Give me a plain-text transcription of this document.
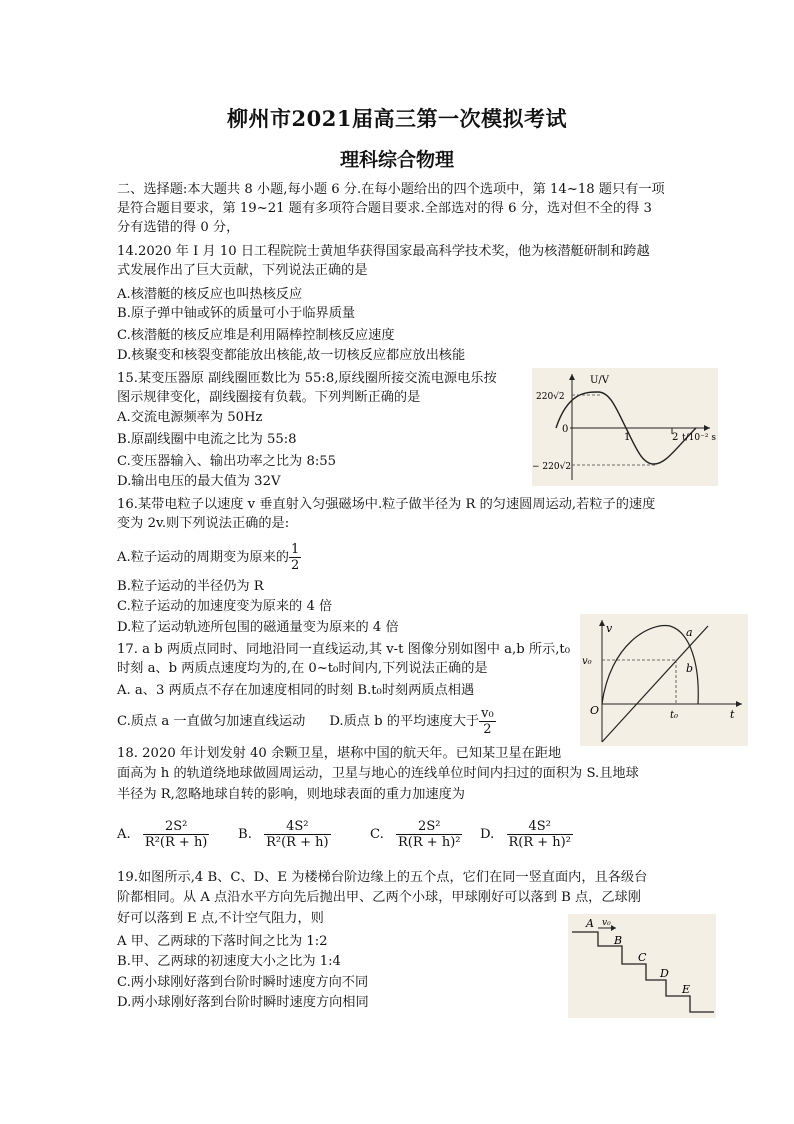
柳州市2021届高三第一次模拟考试
理科综合物理
二、选择题:本大题共 8 小题,每小题 6 分.在每小题给出的四个选项中，第 14~18 题只有一项
是符合题目要求，第 19~21 题有多项符合题目要求.全部选对的得 6 分，选对但不全的得 3
分有选错的得 0 分，
14.2020 年 I 月 10 日工程院院士黄旭华获得国家最高科学技术奖，他为核潜艇研制和跨越
式发展作出了巨大贡献，下列说法正确的是
A.核潜艇的核反应也叫热核反应
B.原子弹中铀或钚的质量可小于临界质量
C.核潜艇的核反应堆是利用隔棒控制核反应速度
D.核聚变和核裂变都能放出核能,故一切核反应都应放出核能
15.某变压器原 副线圈匝数比为 55:8,原线圈所接交流电源电乐按
图示规律变化，副线圈接有负载。下列判断正确的是
A.交流电源频率为 50Hz
B.原副线圈中电流之比为 55:8
C.变压器输入、输出功率之比为 8:55
D.输出电压的最大值为 32V
U/V
220√2
− 220√2
0
1	2 t/10⁻² s
16.某带电粒子以速度 v 垂直射入匀强磁场中.粒子做半径为 R 的匀速圆周运动,若粒子的速度
变为 2v.则下列说法正确的是:
A.粒子运动的周期变为原来的 $\frac{1}{2}$
B.粒子运动的半径仍为 R
C.粒子运动的加速度变为原来的 4 倍
D.粒了运动轨迹所包围的磁通量变为原来的 4 倍
17. a b 两质点同时、同地沿同一直线运动,其 v-t 图像分别如图中 a,b 所示,t₀
时刻 a、b 两质点速度均为的,在 0~t₀时间内,下列说法正确的是
A. a、3 两质点不存在加速度相同的时刻 B.t₀时刻两质点相遇
C.质点 a 一直做匀加速直线运动 D.质点 b 的平均速度大于 $\frac{\text{v₀}}{2}$
v
v₀
O	t₀	t
a
b
18. 2020 年计划发射 40 余颗卫星，堪称中国的航天年。已知某卫星在距地
面高为 h 的轨道绕地球做圆周运动，卫星与地心的连线单位时间内扫过的面积为 S.且地球
半径为 R,忽略地球自转的影响，则地球表面的重力加速度为
A. $\frac{\text{2S²}}{\text{R²(R + h)}} B$. $\frac{\text{4S²}}{\text{R²(R + h)}}$	C. $\frac{\text{2S²}}{\text{R(R + h)²}} D$. $\frac{\text{4S²}}{\text{R(R + h)²}}$
19.如图所示,4 B、C、D、E 为楼梯台阶边缘上的五个点，它们在同一竖直面内，且各级台
阶都相同。从 A 点沿水平方向先后抛出甲、乙两个小球，甲球刚好可以落到 B 点，乙球刚
好可以落到 E 点,不计空气阻力，则
A 甲、乙两球的下落时间之比为 1:2
B.甲、乙两球的初速度大小之比为 1:4
C.两小球刚好落到台阶时瞬时速度方向不同
D.两小球刚好落到台阶时瞬时速度方向相同
A v₀
B
C
D
E
